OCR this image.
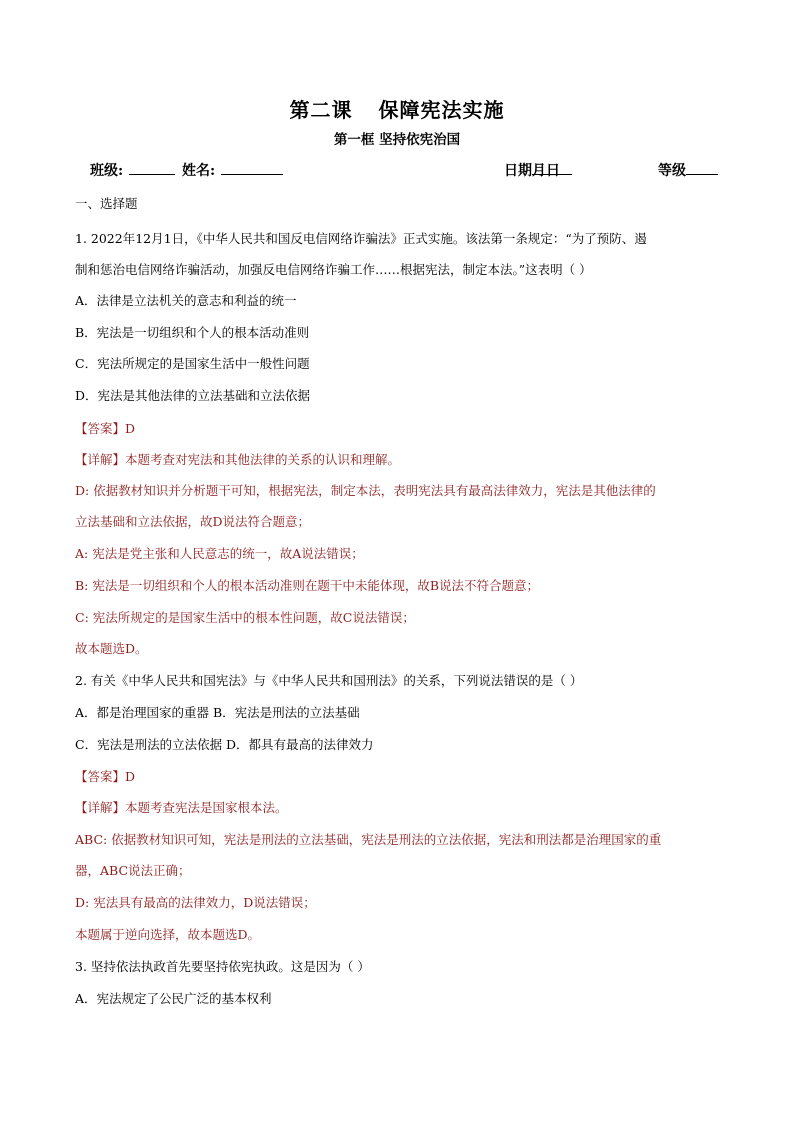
第二课 保障宪法实施
第一框 坚持依宪治国
班级:	姓名:	日期
月
日	等级
一、选择题
1. 2022年12月1日，《中华人民共和国反电信网络诈骗法》正式实施。该法第一条规定：“为了预防、遏
制和惩治电信网络诈骗活动，加强反电信网络诈骗工作……根据宪法，制定本法。”这表明（ ）
A．法律是立法机关的意志和利益的统一
B．宪法是一切组织和个人的根本活动准则
C．宪法所规定的是国家生活中一般性问题
D．宪法是其他法律的立法基础和立法依据
【答案】D
【详解】本题考查对宪法和其他法律的关系的认识和理解。
D: 依据教材知识并分析题干可知，根据宪法，制定本法，表明宪法具有最高法律效力，宪法是其他法律的
立法基础和立法依据，故D说法符合题意；
A: 宪法是党主张和人民意志的统一，故A说法错误；
B: 宪法是一切组织和个人的根本活动准则在题干中未能体现，故B说法不符合题意；
C: 宪法所规定的是国家生活中的根本性问题，故C说法错误；
故本题选D。
2. 有关《中华人民共和国宪法》与《中华人民共和国刑法》的关系，下列说法错误的是（ ）
A．都是治理国家的重器 B．宪法是刑法的立法基础
C．宪法是刑法的立法依据 D．都具有最高的法律效力
【答案】D
【详解】本题考查宪法是国家根本法。
ABC: 依据教材知识可知，宪法是刑法的立法基础，宪法是刑法的立法依据，宪法和刑法都是治理国家的重
器，ABC说法正确；
D: 宪法具有最高的法律效力，D说法错误；
本题属于逆向选择，故本题选D。
3. 坚持依法执政首先要坚持依宪执政。这是因为（ ）
A．宪法规定了公民广泛的基本权利
